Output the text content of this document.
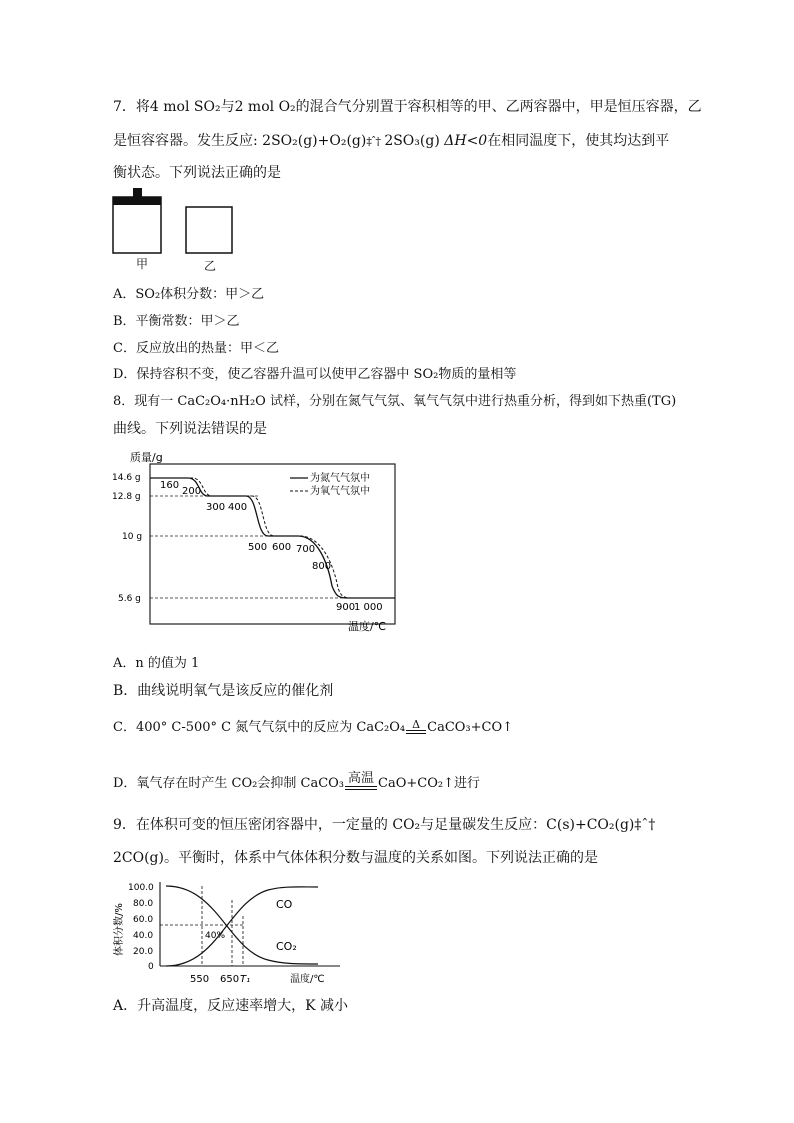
7．将4 mol SO₂与2 mol O₂的混合气分别置于容积相等的甲、乙两容器中，甲是恒压容器，乙
是恒容容器。发生反应: 2SO₂(g)+O₂(g)‡ˆ† 2SO₃(g) ΔH<0在相同温度下，使其均达到平
衡状态。下列说法正确的是
甲	乙
A．SO₂体积分数：甲＞乙
B．平衡常数：甲＞乙
C．反应放出的热量：甲＜乙
D．保持容积不变，使乙容器升温可以使甲乙容器中 SO₂物质的量相等
8．现有一 CaC₂O₄·nH₂O 试样，分别在氮气气氛、氧气气氛中进行热重分析，得到如下热重(TG)
曲线。下列说法错误的是
质量/g
14.6 g
12.8 g
10 g
5.6 g
为氮气气氛中
为氧气气氛中
160
200
300 400
500 600 700
800
900
1 000
温度/℃
A．n 的值为 1
B．曲线说明氧气是该反应的催化剂
C．400° C-500° C 氮气气氛中的反应为 CaC₂O₄ Δ CaCO₃+CO↑
D．氧气存在时产生 CO₂会抑制 CaCO₃ 高温 CaO+CO₂↑进行
9．在体积可变的恒压密闭容器中，一定量的 CO₂与足量碳发生反应：C(s)+CO₂(g)‡ˆ†
2CO(g)。平衡时，体系中气体体积分数与温度的关系如图。下列说法正确的是
体积分数/%
100.0
80.0
60.0
40.0
20.0
0
CO
CO₂
40%
550 650 T₁	温度/℃
A．升高温度，反应速率增大，K 减小
